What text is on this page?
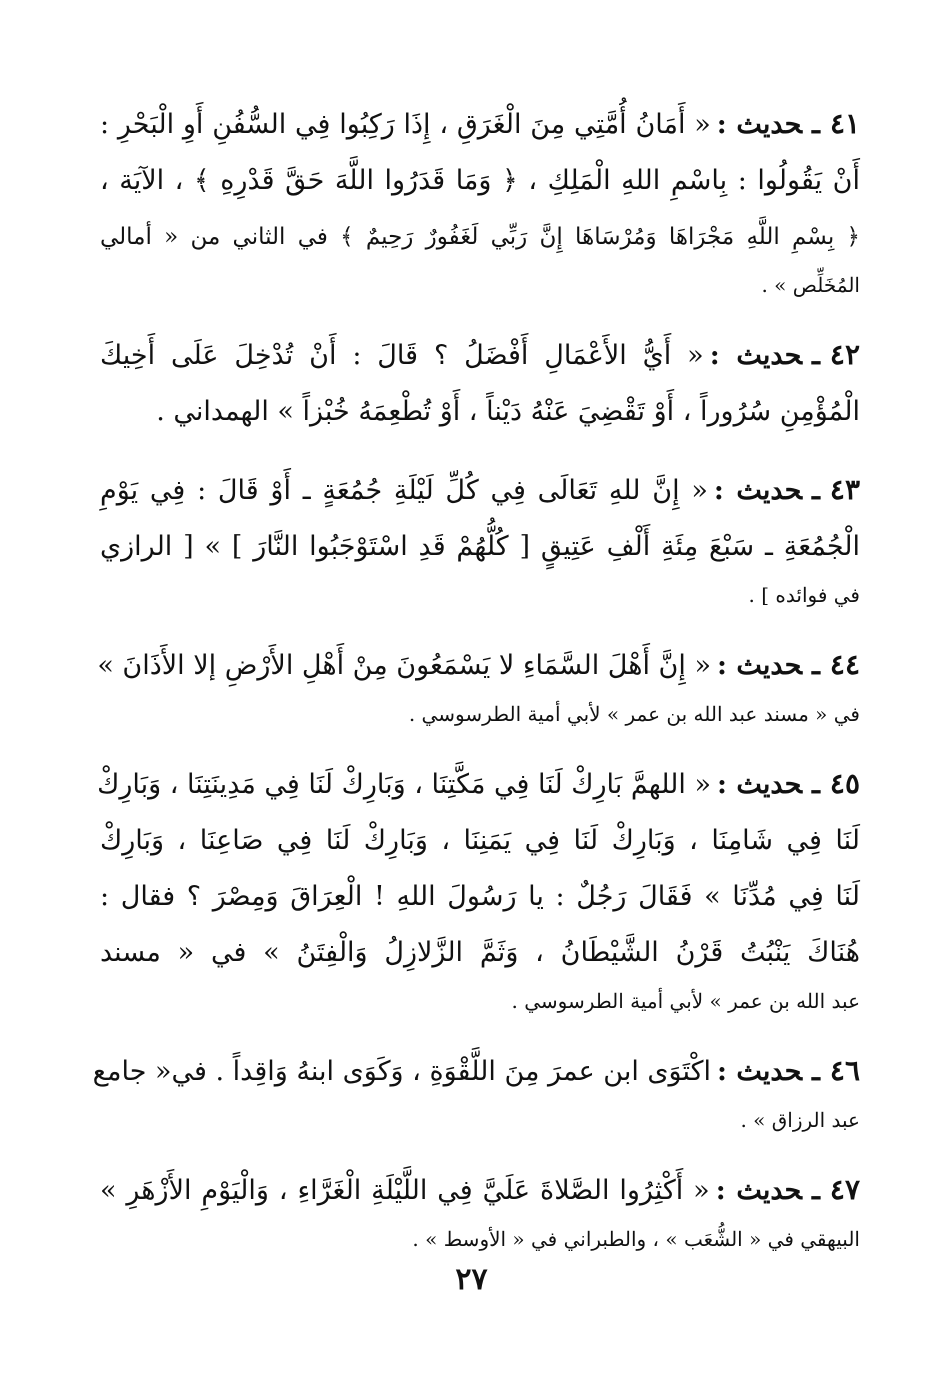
٤١ـحديث :« أَمَانُ أُمَّتِي مِنَ الْغَرَقِ ، إِذَا رَكِبُوا فِي السُّفُنِ أَوِ الْبَحْرِ :
أَنْ يَقُولُوا : بِاسْمِ اللهِ الْمَلِكِ ، ﴿ وَمَا قَدَرُوا اللَّهَ حَقَّ قَدْرِهِ ﴾ ، الآيَة ،
﴿ بِسْمِ اللَّهِ مَجْرَاهَا وَمُرْسَاهَا إِنَّ رَبِّي لَغَفُورٌ رَحِيمٌ ﴾ في الثاني من « أمالي
المُخَلِّص » .
٤٢ـحديث :« أَيُّ الأَعْمَالِ أَفْضَلُ ؟ قَالَ : أَنْ تُدْخِلَ عَلَى أَخِيكَ
الْمُؤْمِنِ سُرُوراً ، أَوْ تَقْضِيَ عَنْهُ دَيْناً ، أَوْ تُطْعِمَهُ خُبْزاً » الهمداني .
٤٣ـحديث :« إِنَّ للهِ تَعَالَى فِي كُلِّ لَيْلَةِ جُمُعَةٍ ـ أَوْ قَالَ : فِي يَوْمِ
الْجُمُعَةِ ـ سَبْعَ مِئَةِ أَلْفِ عَتِيقٍ [ كُلُّهُمْ قَدِ اسْتَوْجَبُوا النَّارَ ] » [ الرازي
في فوائده ] .
٤٤ـحديث :« إِنَّ أَهْلَ السَّمَاءِ لا يَسْمَعُونَ مِنْ أَهْلِ الأَرْضِ إلا الأَذَانَ »
في « مسند عبد الله بن عمر » لأبي أمية الطرسوسي .
٤٥ـحديث :« اللهمَّ بَارِكْ لَنَا فِي مَكَّتِنَا ، وَبَارِكْ لَنَا فِي مَدِينَتِنَا ، وَبَارِكْ
لَنَا فِي شَامِنَا ، وَبَارِكْ لَنَا فِي يَمَنِنَا ، وَبَارِكْ لَنَا فِي صَاعِنَا ، وَبَارِكْ
لَنَا فِي مُدِّنَا » فَقَالَ رَجُلٌ : يا رَسُولَ اللهِ ! الْعِرَاقَ وَمِصْرَ ؟ فقال :
هُنَاكَ يَنْبُتُ قَرْنُ الشَّيْطَانُ ، وَثَمَّ الزَّلازِلُ وَالْفِتَنُ » في « مسند
عبد الله بن عمر » لأبي أمية الطرسوسي .
٤٦ـحديث :اكْتَوَى ابن عمرَ مِنَ اللَّقْوَةِ ، وَكَوَى ابنهُ وَاقِداً . في« جامع
عبد الرزاق » .
٤٧ـحديث :« أَكْثِرُوا الصَّلاةَ عَلَيَّ فِي اللَّيْلَةِ الْغَرَّاءِ ، وَالْيَوْمِ الأَزْهَرِ »
البيهقي في « الشُّعَب » ، والطبراني في « الأوسط » .
٢٧
